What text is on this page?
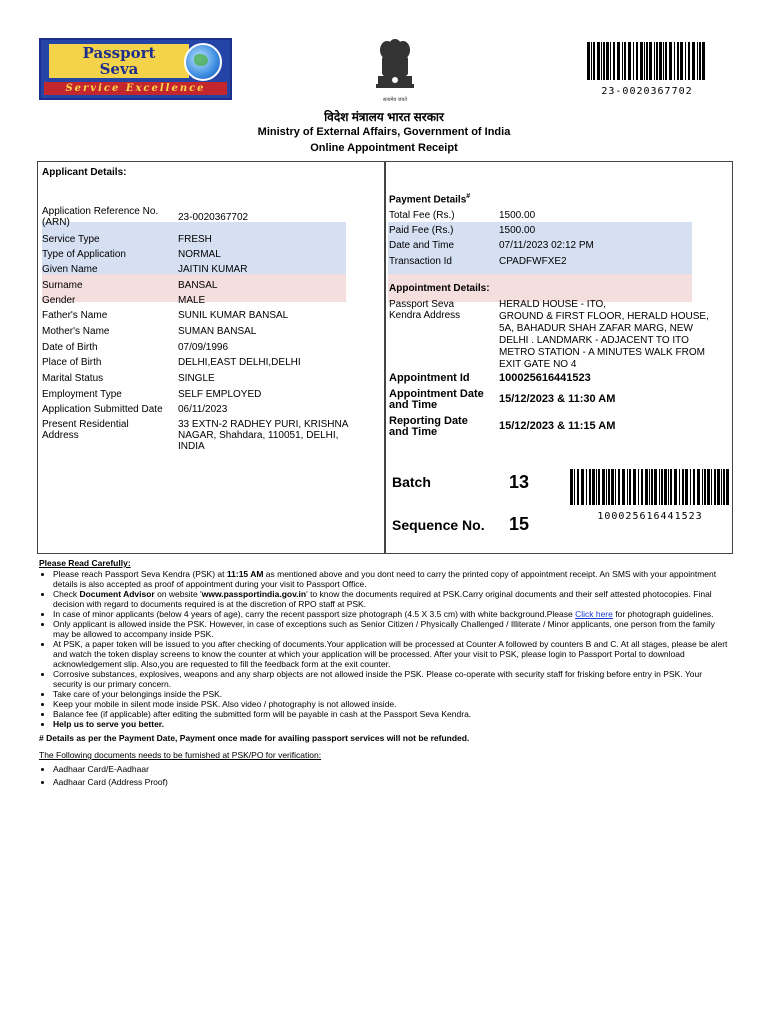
Passport
Seva
Service Excellence
सत्यमेव जयते
23-0020367702
विदेश मंत्रालय भारत सरकार
Ministry of External Affairs, Government of India
Online Appointment Receipt
Applicant Details:
Application Reference No.
(ARN)	23-0020367702
Service Type	FRESH
Type of Application	NORMAL
Given Name	JAITIN KUMAR
Surname	BANSAL
Gender	MALE
Father's Name	SUNIL KUMAR BANSAL
Mother's Name	SUMAN BANSAL
Date of Birth	07/09/1996
Place of Birth	DELHI,EAST DELHI,DELHI
Marital Status	SINGLE
Employment Type	SELF EMPLOYED
Application Submitted Date 06/11/2023
Present Residential
Address
33 EXTN-2 RADHEY PURI, KRISHNA
NAGAR, Shahdara, 110051, DELHI,
INDIA
Payment Details#
Total Fee (Rs.)	1500.00
Paid Fee (Rs.)	1500.00
Date and Time	07/11/2023 02:12 PM
Transaction Id	CPADFWFXE2
Appointment Details:
Passport Seva
Kendra Address
HERALD HOUSE - ITO,
GROUND & FIRST FLOOR, HERALD HOUSE,
5A, BAHADUR SHAH ZAFAR MARG, NEW
DELHI . LANDMARK - ADJACENT TO ITO
METRO STATION - A MINUTES WALK FROM
EXIT GATE NO 4
Appointment Id	100025616441523
Appointment Date
and Time	15/12/2023 & 11:30 AM
Reporting Date
and Time	15/12/2023 & 11:15 AM
Batch	13
Sequence No. 15	100025616441523
Please Read Carefully:
• Please reach Passport Seva Kendra (PSK) at 11:15 AM as mentioned above and you dont need to carry the printed copy of appointment receipt. An SMS with your appointment details is also accepted as proof of appointment during your visit to Passport Office.
• Check Document Advisor on website 'www.passportindia.gov.in' to know the documents required at PSK.Carry original documents and their self attested photocopies. Final decision with regard to documents required is at the discretion of RPO staff at PSK.
• In case of minor applicants (below 4 years of age), carry the recent passport size photograph (4.5 X 3.5 cm) with white background.Please Click here for photograph guidelines.
• Only applicant is allowed inside the PSK. However, in case of exceptions such as Senior Citizen / Physically Challenged / Illiterate / Minor applicants, one person from the family may be allowed to accompany inside PSK.
• At PSK, a paper token will be issued to you after checking of documents.Your application will be processed at Counter A followed by counters B and C. At all stages, please be alert and watch the token display screens to know the counter at which your application will be processed. After your visit to PSK, please login to Passport Portal to download acknowledgement slip. Also,you are requested to fill the feedback form at the exit counter.
• Corrosive substances, explosives, weapons and any sharp objects are not allowed inside the PSK. Please co-operate with security staff for frisking before entry in PSK. Your security is our primary concern.
• Take care of your belongings inside the PSK.
• Keep your mobile in silent mode inside PSK. Also video / photography is not allowed inside.
• Balance fee (if applicable) after editing the submitted form will be payable in cash at the Passport Seva Kendra.
• Help us to serve you better.
# Details as per the Payment Date, Payment once made for availing passport services will not be refunded.
The Following documents needs to be furnished at PSK/PO for verification:
• Aadhaar Card/E-Aadhaar
• Aadhaar Card (Address Proof)
